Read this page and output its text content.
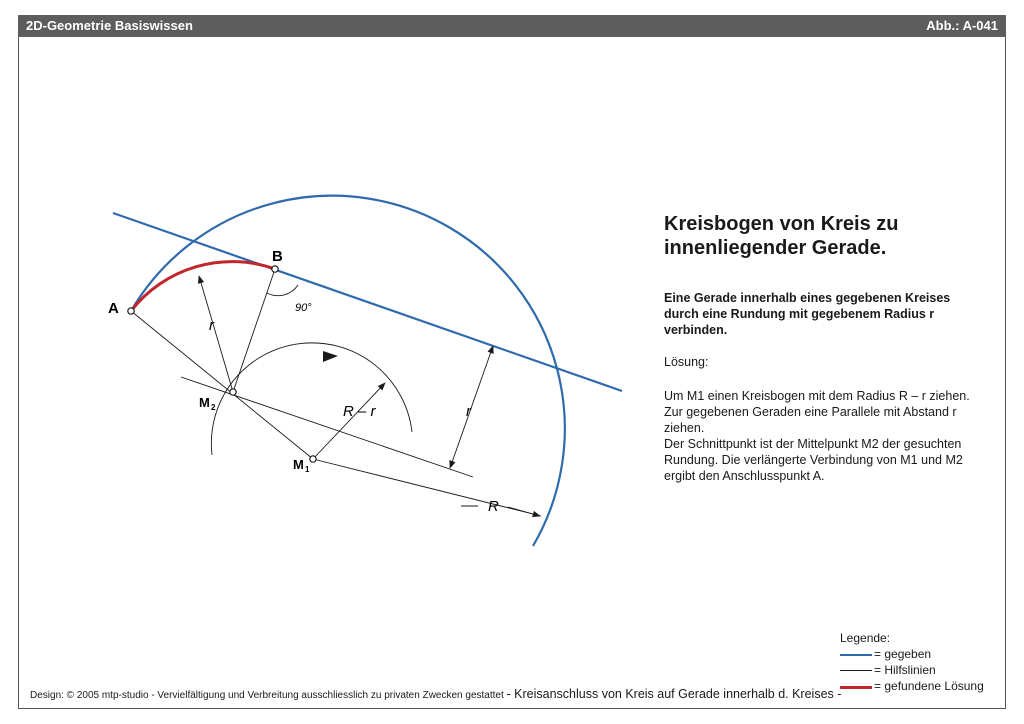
2D-Geometrie Basiswissen	Abb.: A-041
A
B
r
90°
M 2	R – r
M 1
r
R
Kreisbogen von Kreis zu
innenliegender Gerade.
Eine Gerade innerhalb eines gegebenen Kreises durch eine Rundung mit gegebenem Radius r verbinden.
Lösung:

Um M1 einen Kreisbogen mit dem Radius R – r ziehen.

Zur gegebenen Geraden eine Parallele mit Abstand r ziehen.

Der Schnittpunkt ist der Mittelpunkt M2 der gesuchten Rundung. Die verlängerte Verbindung von M1 und M2 ergibt den Anschlusspunkt A.

Legende:
= gegeben
= Hilfslinien
= gefundene Lösung
Design: © 2005 mtp-studio - Vervielfältigung und Verbreitung ausschliesslich zu privaten Zwecken gestattet - Kreisanschluss von Kreis auf Gerade innerhalb d. Kreises -
